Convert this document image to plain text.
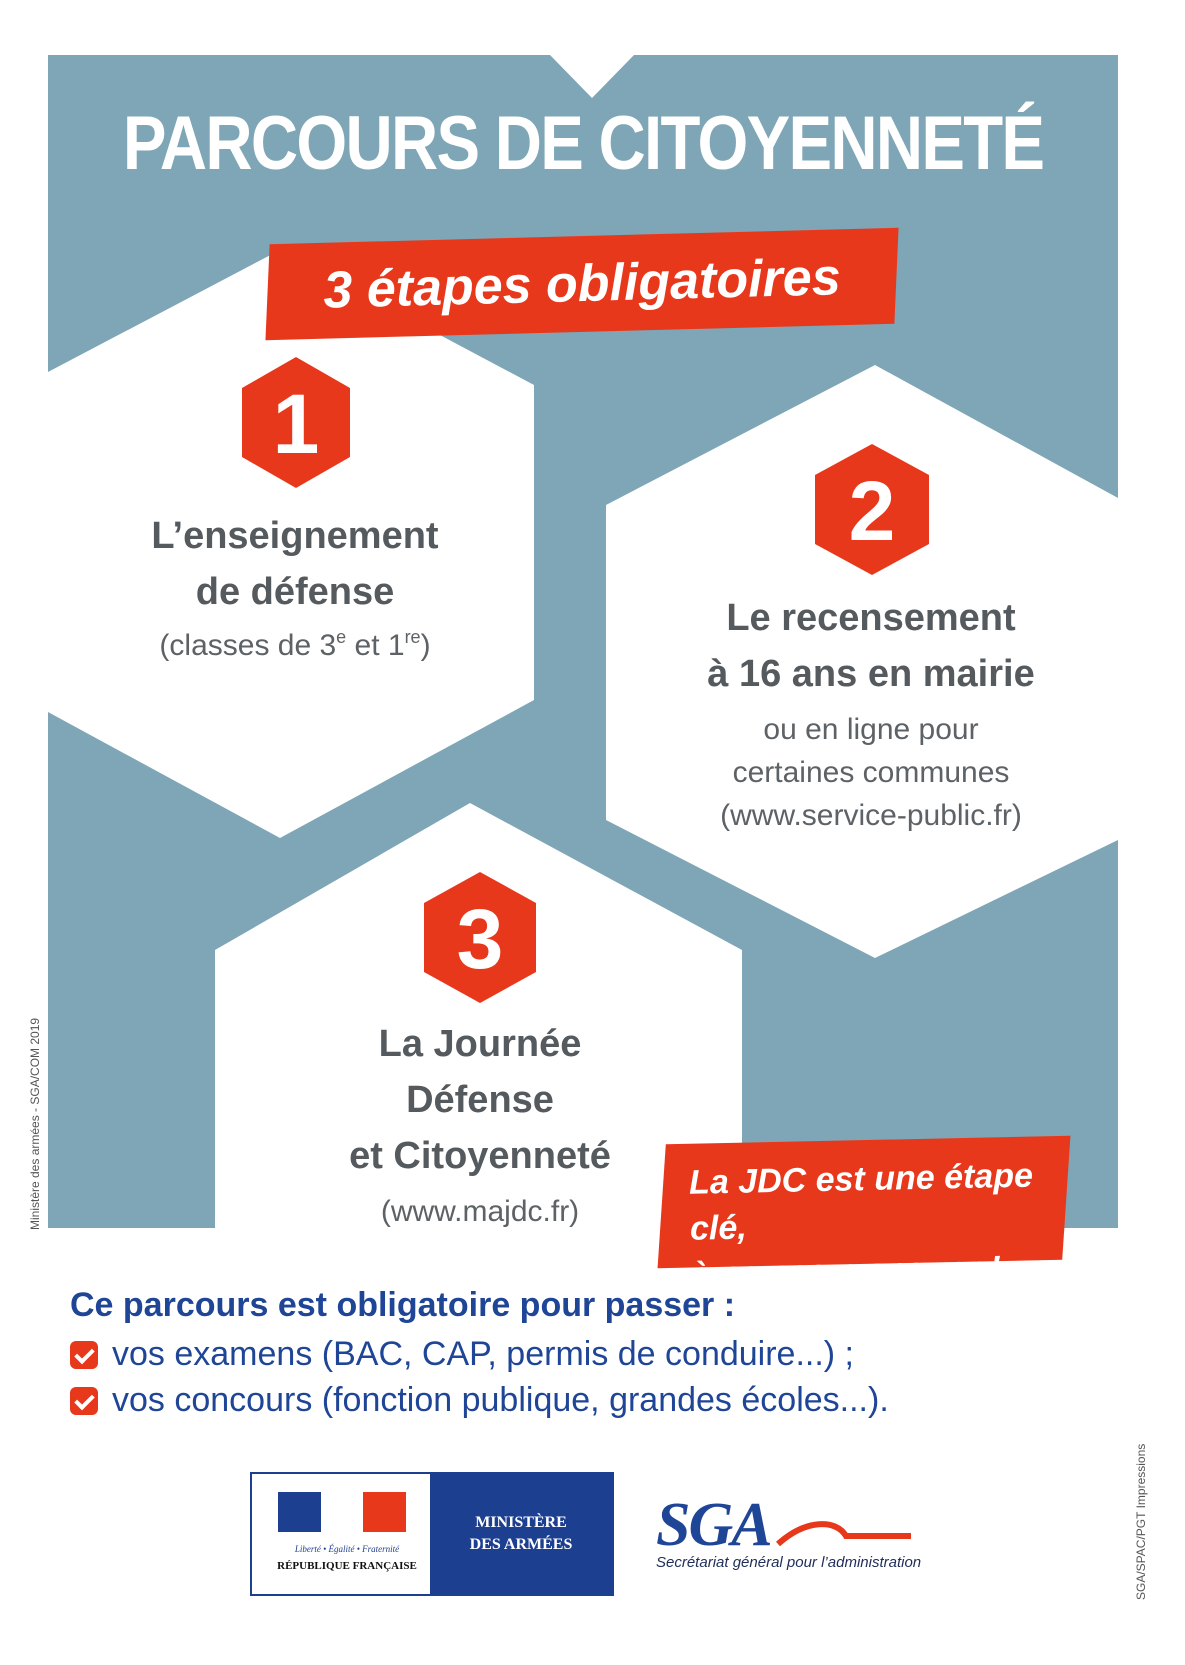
PARCOURS DE CITOYENNETÉ
3 étapes obligatoires
1
L’enseignement
de défense
(classes de 3e et 1re)
2
Le recensement
à 16 ans en mairie
ou en ligne pour
certaines communes
(www.service-public.fr)
3
La Journée
Défense
et Citoyenneté
(www.majdc.fr)
La JDC est une étape clé,
à ne pas manquer !
Ce parcours est obligatoire pour passer :
vos examens (BAC, CAP, permis de conduire...) ;
vos concours (fonction publique, grandes écoles...).
Liberté • Égalité • Fraternité
RÉPUBLIQUE FRANÇAISE
MINISTÈRE
DES ARMÉES	SGA
Secrétariat général pour l’administration
Ministère des armées - SGA/COM 2019
SGA/SPAC/PGT Impressions
